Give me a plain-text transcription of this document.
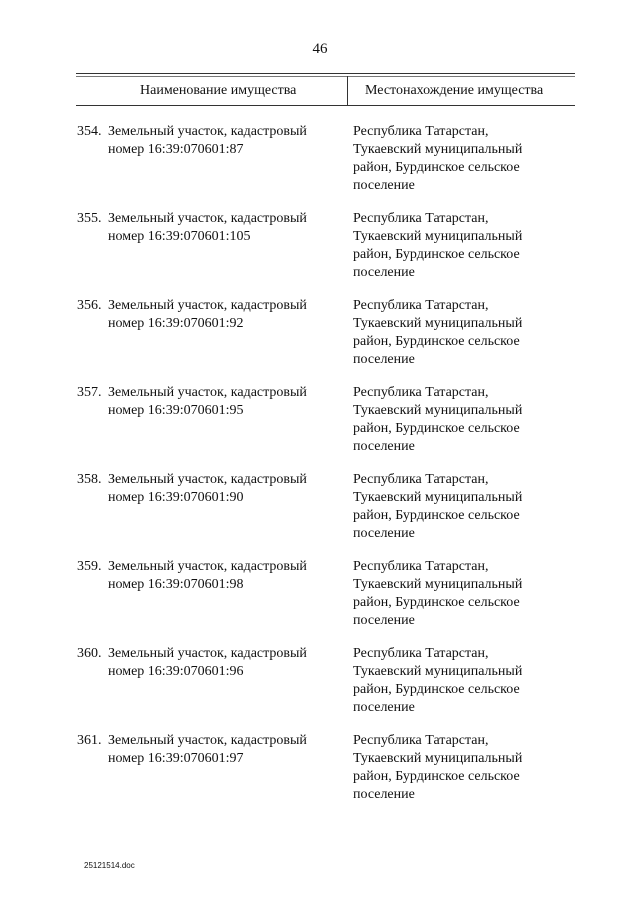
46
Наименование имущества	Местонахождение имущества
354. Земельный участок, кадастровый
номер 16:39:070601:87
Республика Татарстан,
Тукаевский муниципальный
район, Бурдинское сельское
поселение
355. Земельный участок, кадастровый
номер 16:39:070601:105
Республика Татарстан,
Тукаевский муниципальный
район, Бурдинское сельское
поселение
356. Земельный участок, кадастровый
номер 16:39:070601:92
Республика Татарстан,
Тукаевский муниципальный
район, Бурдинское сельское
поселение
357. Земельный участок, кадастровый
номер 16:39:070601:95
Республика Татарстан,
Тукаевский муниципальный
район, Бурдинское сельское
поселение
358. Земельный участок, кадастровый
номер 16:39:070601:90
Республика Татарстан,
Тукаевский муниципальный
район, Бурдинское сельское
поселение
359. Земельный участок, кадастровый
номер 16:39:070601:98
Республика Татарстан,
Тукаевский муниципальный
район, Бурдинское сельское
поселение
360. Земельный участок, кадастровый
номер 16:39:070601:96
Республика Татарстан,
Тукаевский муниципальный
район, Бурдинское сельское
поселение
361. Земельный участок, кадастровый
номер 16:39:070601:97
Республика Татарстан,
Тукаевский муниципальный
район, Бурдинское сельское
поселение
25121514.doc
